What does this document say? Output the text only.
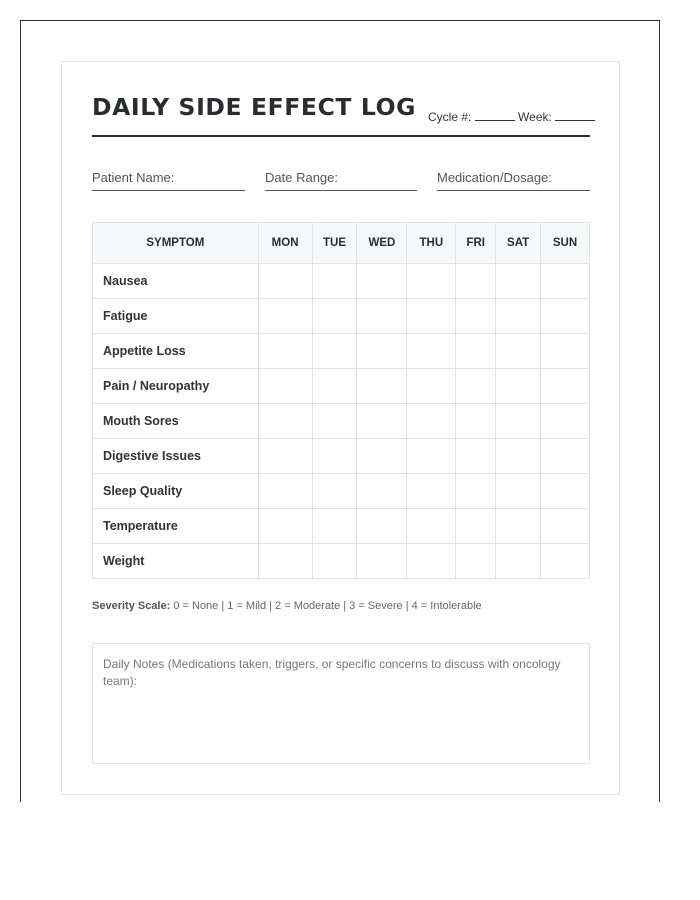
DAILY SIDE EFFECT LOG Cycle #:	Week:
Patient Name:	Date Range:	Medication/Dosage:
SYMPTOM	MON	TUE	WED	THU	FRI	SAT	SUN
Nausea							
Fatigue							
Appetite Loss							
Pain / Neuropathy							
Mouth Sores							
Digestive Issues							
Sleep Quality							
Temperature							
Weight							
Severity Scale: 0 = None | 1 = Mild | 2 = Moderate | 3 = Severe | 4 = Intolerable
Daily Notes (Medications taken, triggers, or specific concerns to discuss with oncology team):
